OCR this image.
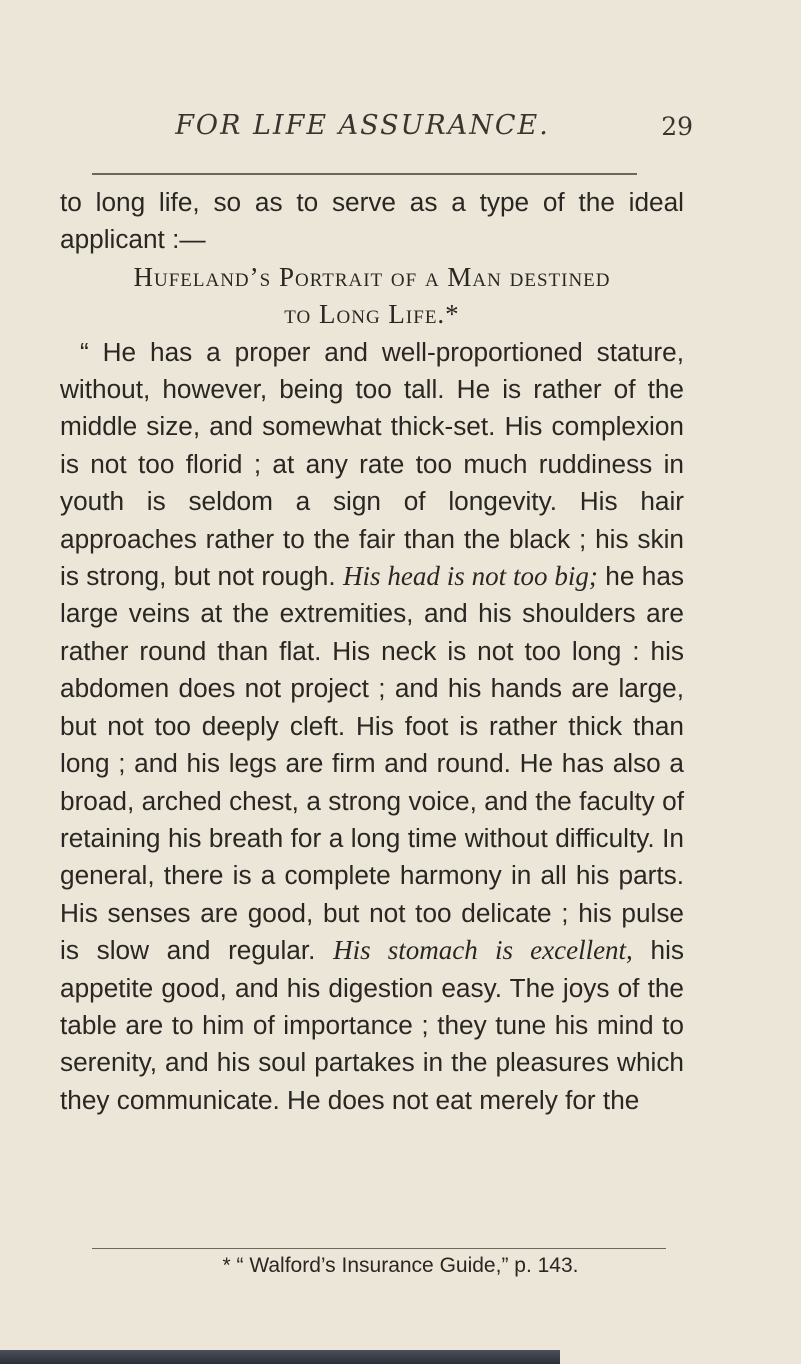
FOR LIFE ASSURANCE.	29

to long life, so as to serve as a type of the ideal applicant :—

Hufeland’s Portrait of a Man destined

to Long Life.*

“ He has a proper and well-proportioned stature, without, however, being too tall. He is rather of the middle size, and somewhat thick-set. His complexion is not too florid ; at any rate too much ruddiness in youth is seldom a sign of longevity. His hair approaches rather to the fair than the black ; his skin is strong, but not rough. His head is not too big; he has large veins at the extremities, and his shoulders are rather round than flat. His neck is not too long : his abdomen does not project ; and his hands are large, but not too deeply cleft. His foot is rather thick than long ; and his legs are firm and round. He has also a broad, arched chest, a strong voice, and the faculty of retaining his breath for a long time without difficulty. In general, there is a complete harmony in all his parts. His senses are good, but not too delicate ; his pulse is slow and regular. His stomach is excellent, his appetite good, and his digestion easy. The joys of the table are to him of importance ; they tune his mind to serenity, and his soul partakes in the pleasures which they communicate. He does not eat merely for the

* “ Walford’s Insurance Guide,” p. 143.
